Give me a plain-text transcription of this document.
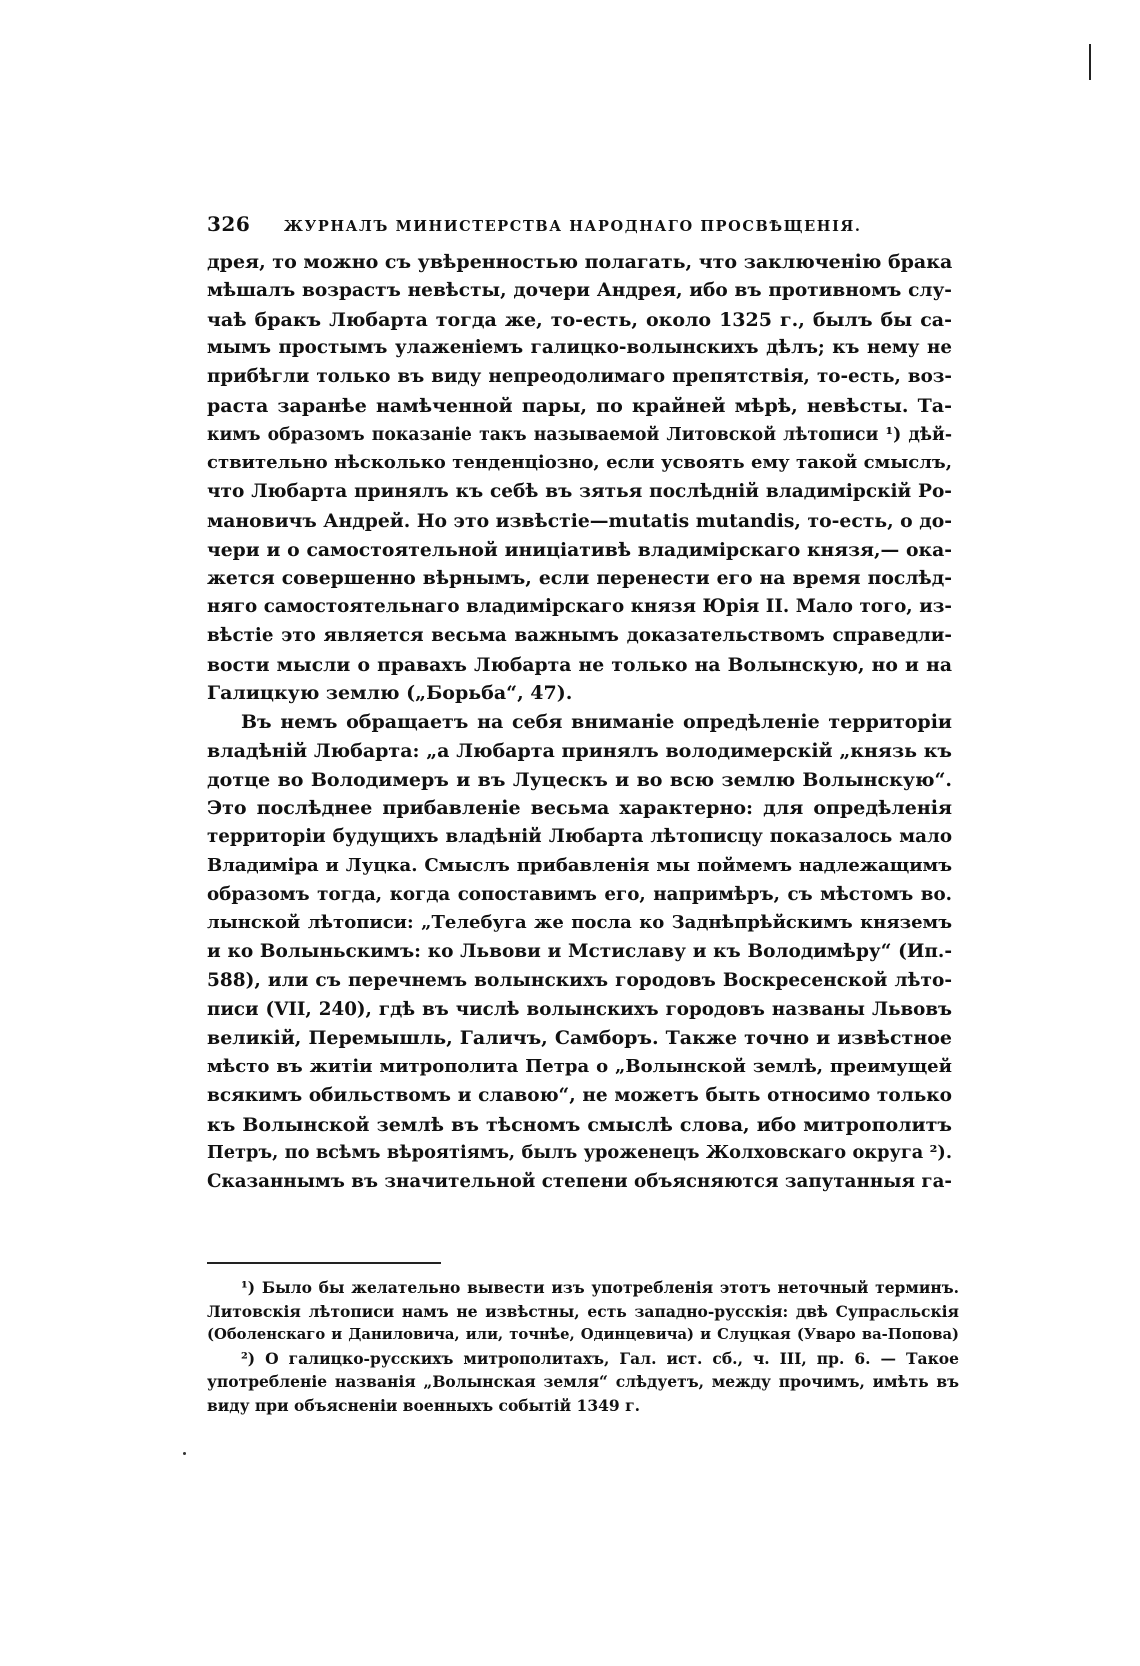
326 ЖУРНАЛЪ МИНИСТЕРСТВА НАРОДНАГО ПРОСВѢЩЕНІЯ.
дрея, то можно съ увѣренностью полагать, что заключенію брака
мѣшалъ возрастъ невѣсты, дочери Андрея, ибо въ противномъ слу-
чаѣ бракъ Любарта тогда же, то-есть, около 1325 г., былъ бы са-
мымъ простымъ улаженіемъ галицко-волынскихъ дѣлъ; къ нему не
прибѣгли только въ виду непреодолимаго препятствія, то-есть, воз-
раста заранѣе намѣченной пары, по крайней мѣрѣ, невѣсты. Та-
кимъ образомъ показаніе такъ называемой Литовской лѣтописи ¹) дѣй-
ствительно нѣсколько тенденціозно, если усвоять ему такой смыслъ,
что Любарта принялъ къ себѣ въ зятья послѣдній владимірскій Ро-
мановичъ Андрей. Но это извѣстіе—mutatis mutandis, то-есть, о до-
чери и о самостоятельной иниціативѣ владимірскаго князя,— ока-
жется совершенно вѣрнымъ, если перенести его на время послѣд-
няго самостоятельнаго владимірскаго князя Юрія II. Мало того, из-
вѣстіе это является весьма важнымъ доказательствомъ справедли-
вости мысли о правахъ Любарта не только на Волынскую, но и на
Галицкую землю („Борьба“, 47).
Въ немъ обращаетъ на себя вниманіе опредѣленіе территоріи
владѣній Любарта: „а Любарта принялъ володимерскій „князь къ
дотце во Володимеръ и въ Луцескъ и во всю землю Волынскую“.
Это послѣднее прибавленіе весьма характерно: для опредѣленія
территоріи будущихъ владѣній Любарта лѣтописцу показалось мало
Владиміра и Луцка. Смыслъ прибавленія мы поймемъ надлежащимъ
образомъ тогда, когда сопоставимъ его, напримѣръ, съ мѣстомъ во.
лынской лѣтописи: „Телебуга же посла ко Заднѣпрѣйскимъ княземъ
и ко Волыньскимъ: ко Львови и Мстиславу и къ Володимѣру“ (Ип.-
588), или съ перечнемъ волынскихъ городовъ Воскресенской лѣто-
писи (VII, 240), гдѣ въ числѣ волынскихъ городовъ названы Львовъ
великій, Перемышль, Галичъ, Самборъ. Также точно и извѣстное
мѣсто въ житіи митрополита Петра о „Волынской землѣ, преимущей
всякимъ обильствомъ и славою“, не можетъ быть относимо только
къ Волынской землѣ въ тѣсномъ смыслѣ слова, ибо митрополитъ
Петръ, по всѣмъ вѣроятіямъ, былъ уроженецъ Жолховскаго округа ²).
Сказаннымъ въ значительной степени объясняются запутанныя га-
¹) Было бы желательно вывести изъ употребленія этотъ неточный терминъ.
Литовскія лѣтописи намъ не извѣстны, есть западно-русскія: двѣ Супрасльскія
(Оболенскаго и Даниловича, или, точнѣе, Одинцевича) и Слуцкая (Уваро ва-Попова)
²) О галицко-русскихъ митрополитахъ, Гал. ист. сб., ч. III, пр. 6. — Такое
употребленіе названія „Волынская земля“ слѣдуетъ, между прочимъ, имѣть въ
виду при объясненіи военныхъ событій 1349 г.
